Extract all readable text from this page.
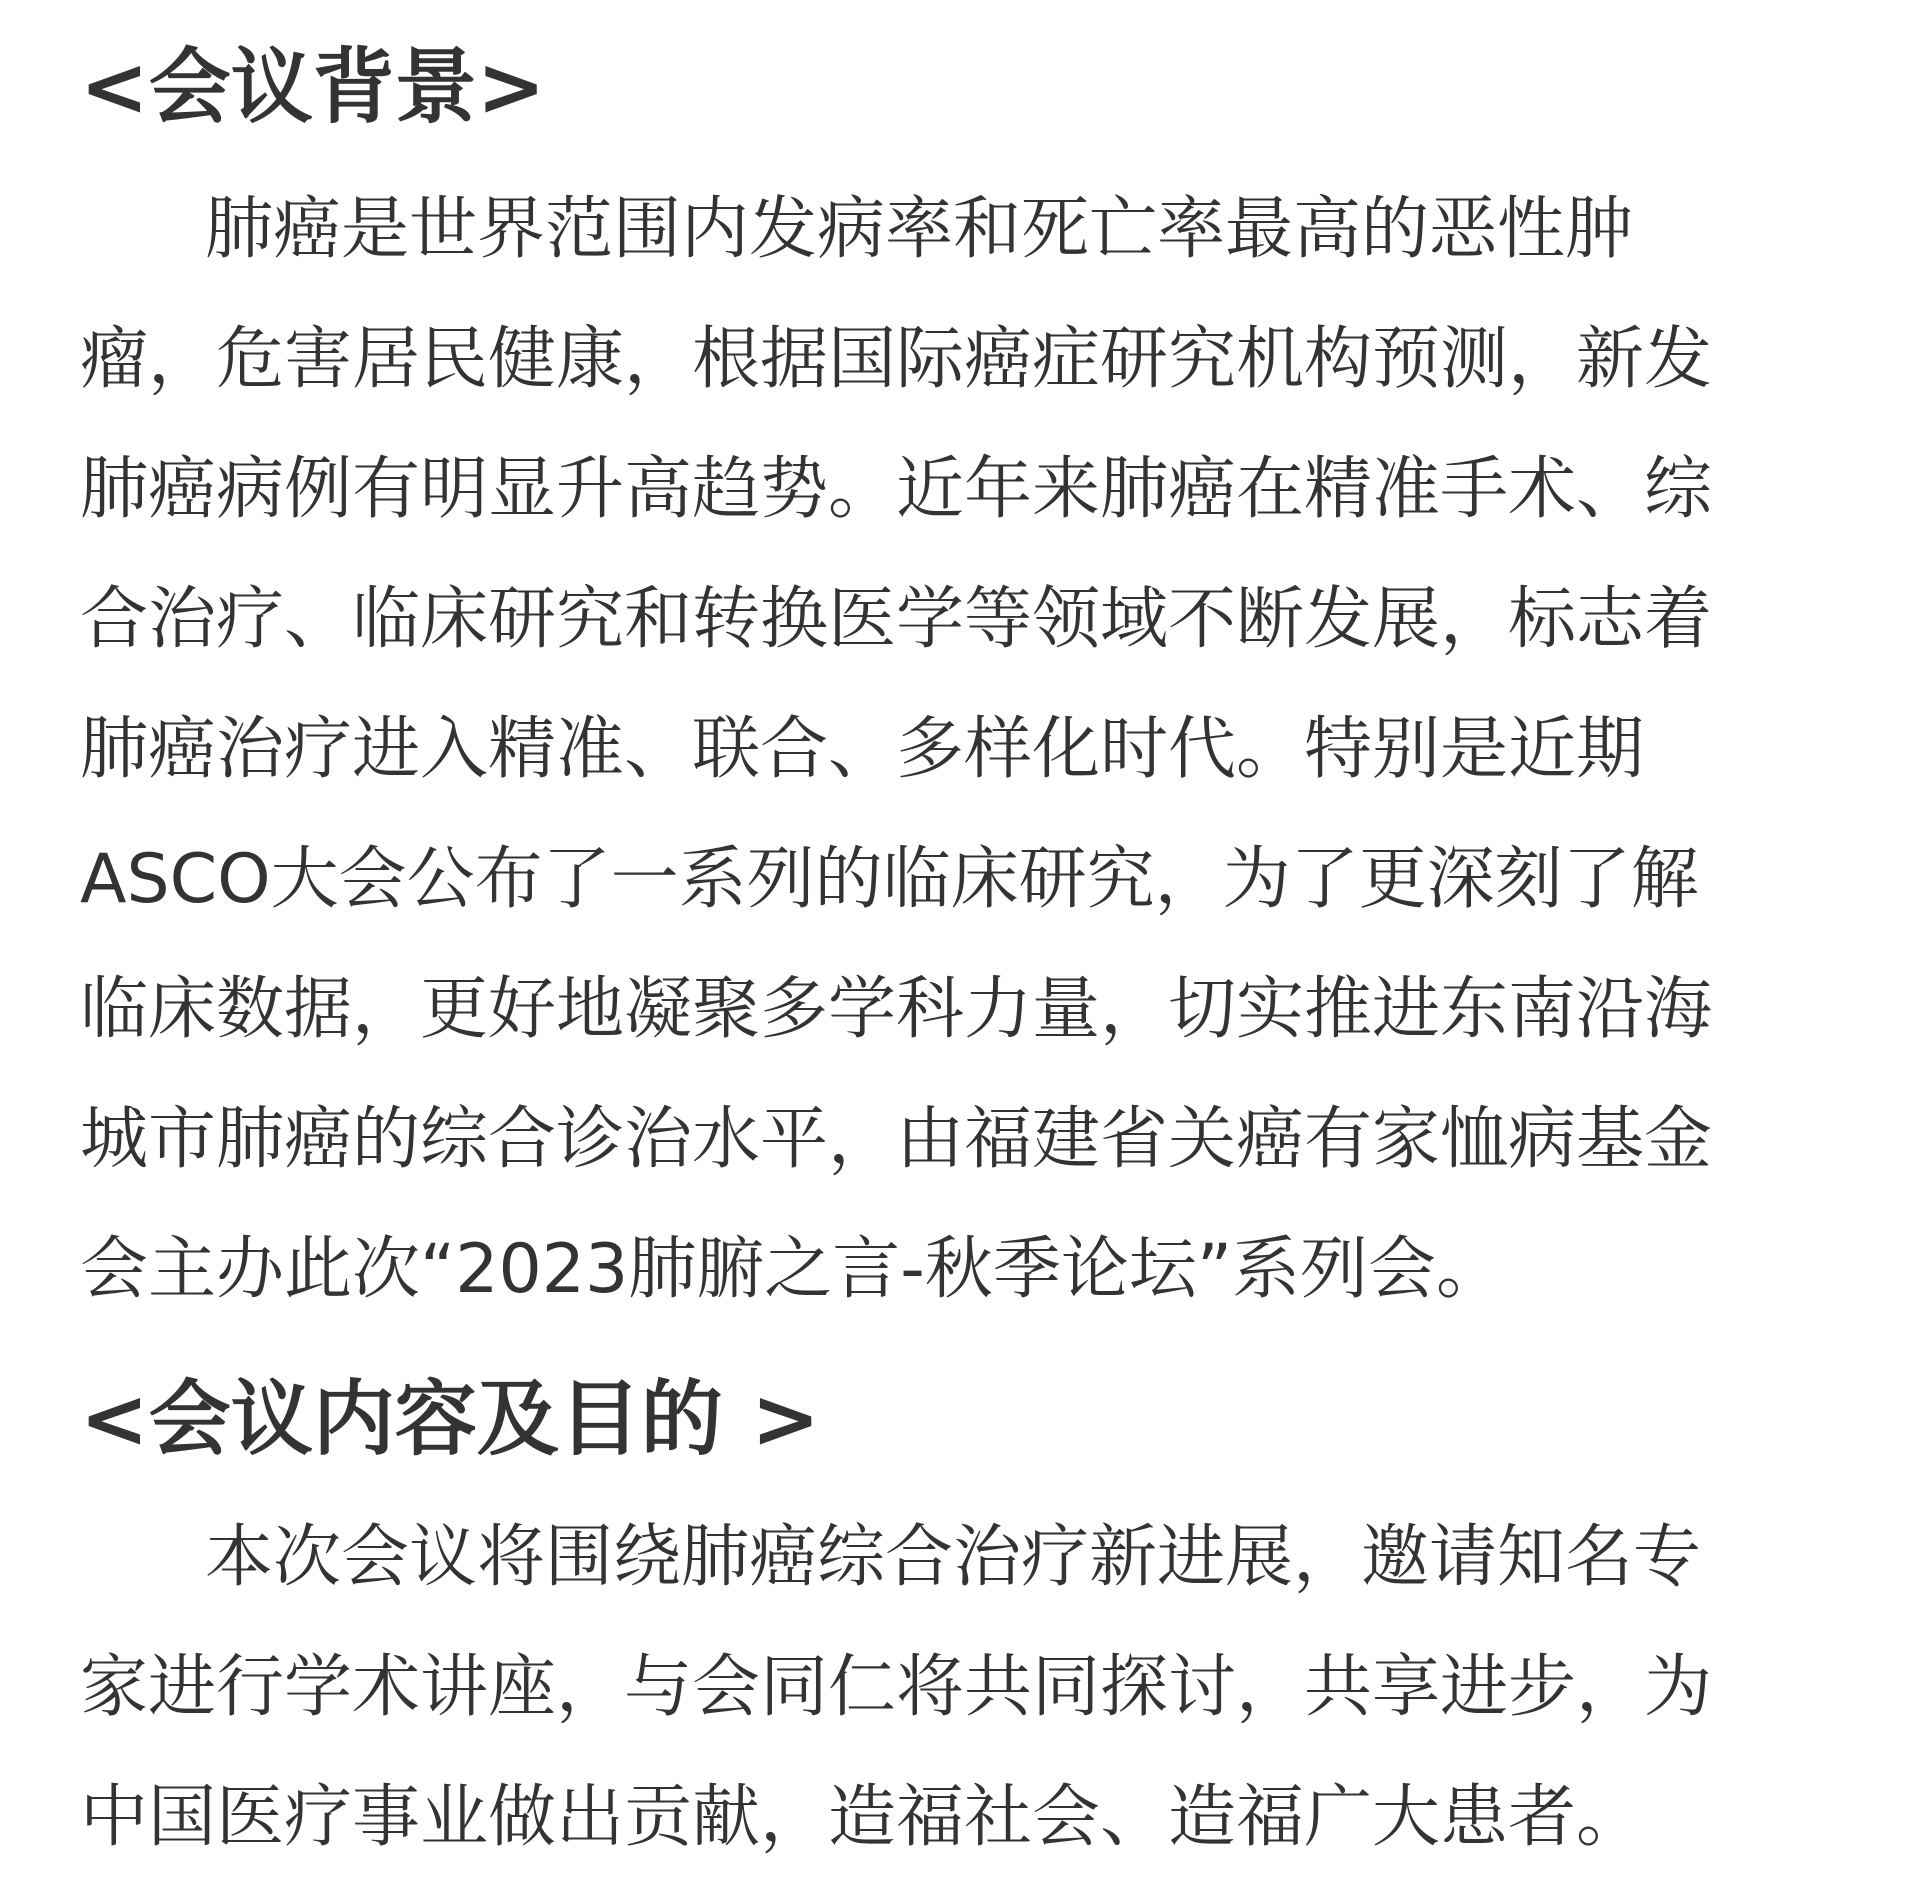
<会议背景>

肺癌是世界范围内发病率和死亡率最高的恶性肿

瘤，危害居民健康，根据国际癌症研究机构预测，新发

肺癌病例有明显升高趋势。近年来肺癌在精准手术、综

合治疗、临床研究和转换医学等领域不断发展，标志着

肺癌治疗进入精准、联合、多样化时代。特别是近期

ASCO大会公布了一系列的临床研究，为了更深刻了解

临床数据，更好地凝聚多学科力量，切实推进东南沿海

城市肺癌的综合诊治水平，由福建省关癌有家恤病基金

会主办此次“2023肺腑之言-秋季论坛”系列会。

<会议内容及目的 >

本次会议将围绕肺癌综合治疗新进展，邀请知名专

家进行学术讲座，与会同仁将共同探讨，共享进步，为

中国医疗事业做出贡献，造福社会、造福广大患者。
